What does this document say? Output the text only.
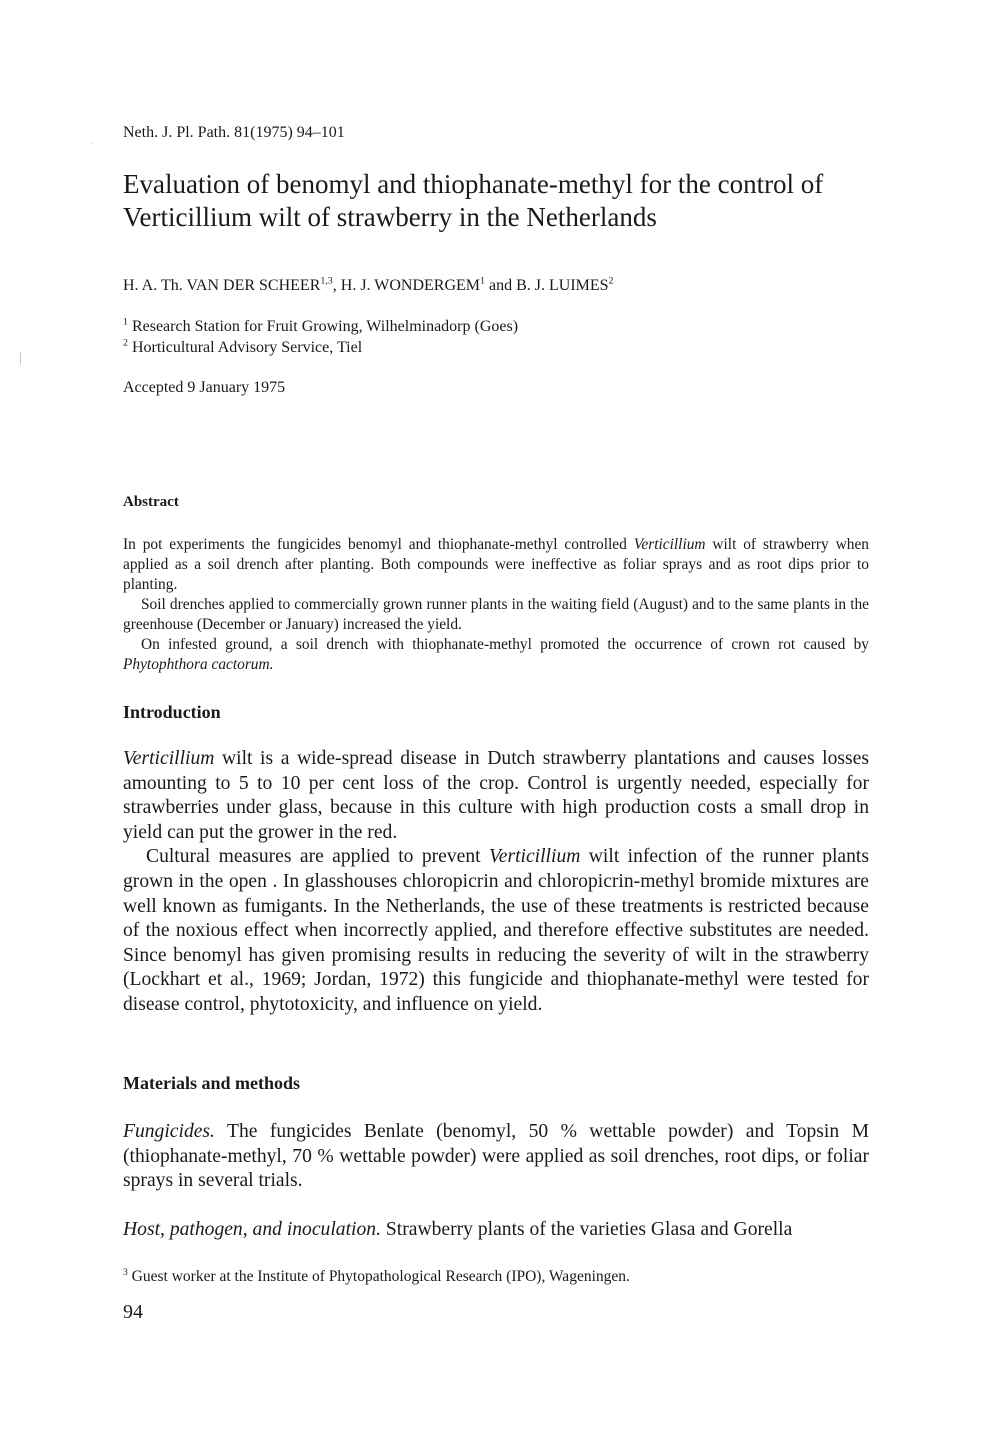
Neth. J. Pl. Path. 81(1975) 94–101
Evaluation of benomyl and thiophanate-methyl for the control of Verticillium wilt of strawberry in the Netherlands
H. A. Th. VAN DER SCHEER$^{1,3}$, H. J. WONDERGEM$^1$ and B. J. LUIMES$^2$
$^1$ Research Station for Fruit Growing, Wilhelminadorp (Goes)
$^2$ Horticultural Advisory Service, Tiel
Accepted 9 January 1975
Abstract

In pot experiments the fungicides benomyl and thiophanate-methyl controlled Verticillium wilt of strawberry when applied as a soil drench after planting. Both compounds were ineffective as foliar sprays and as root dips prior to planting.

Soil drenches applied to commercially grown runner plants in the waiting field (August) and to the same plants in the greenhouse (December or January) increased the yield.

On infested ground, a soil drench with thiophanate-methyl promoted the occurrence of crown rot caused by Phytophthora cactorum.

Introduction

Verticillium wilt is a wide-spread disease in Dutch strawberry plantations and causes losses amounting to 5 to 10 per cent loss of the crop. Control is urgently needed, especially for strawberries under glass, because in this culture with high production costs a small drop in yield can put the grower in the red.

Cultural measures are applied to prevent Verticillium wilt infection of the runner plants grown in the open . In glasshouses chloropicrin and chloropicrin-methyl bromide mixtures are well known as fumigants. In the Netherlands, the use of these treatments is restricted because of the noxious effect when incorrectly applied, and therefore effective substitutes are needed. Since benomyl has given promising results in reducing the severity of wilt in the strawberry (Lockhart et al., 1969; Jordan, 1972) this fungicide and thiophanate-methyl were tested for disease control, phytotoxicity, and influence on yield.

Materials and methods

Fungicides. The fungicides Benlate (benomyl, 50 % wettable powder) and Topsin M (thiophanate-methyl, 70 % wettable powder) were applied as soil drenches, root dips, or foliar sprays in several trials.

Host, pathogen, and inoculation. Strawberry plants of the varieties Glasa and Gorella

$^3$ Guest worker at the Institute of Phytopathological Research (IPO), Wageningen.
94
